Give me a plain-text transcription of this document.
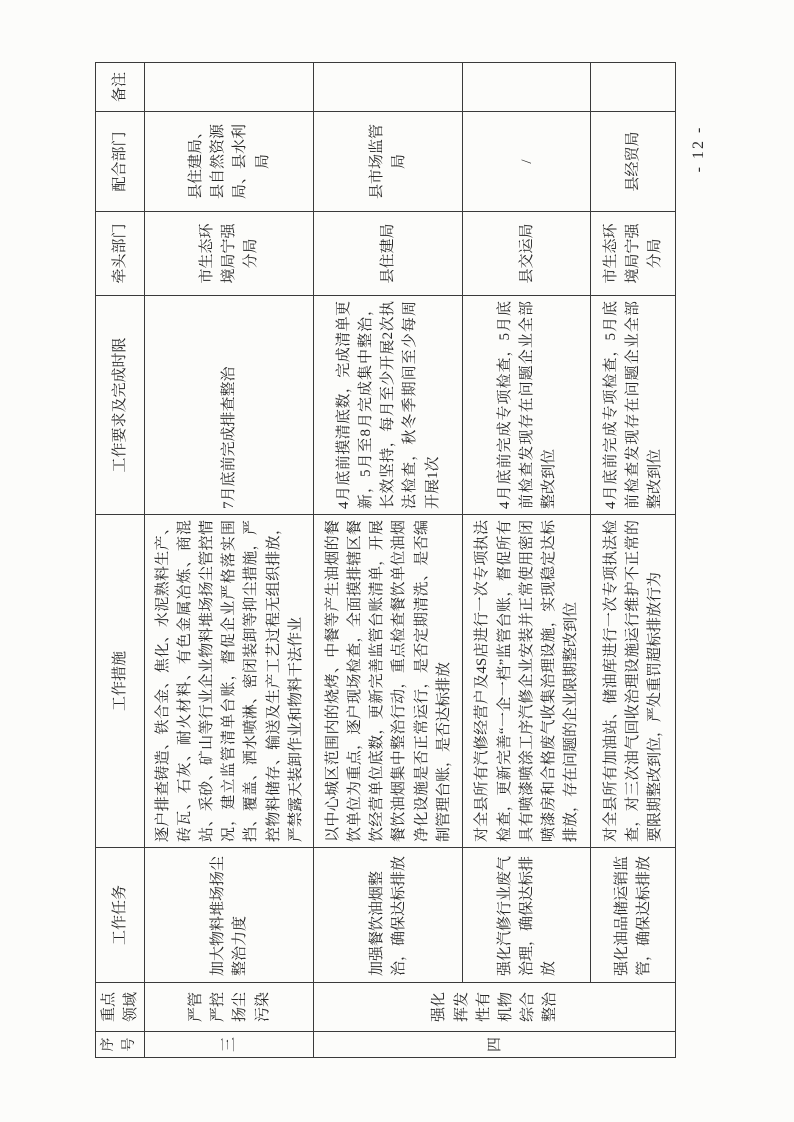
序号	重点领域	工作任务	工作措施	工作要求及完成时限	牵头部门	配合部门	备注
三	严管严控扬尘污染	加大物料堆场扬尘整治力度	逐户排查铸造、铁合金、焦化、水泥熟料生产、砖瓦、石灰、耐火材料、有色金属冶炼、商混站、采砂、矿山等行业企业物料堆场扬尘管控情况，建立监管清单台账，督促企业严格落实围挡、覆盖、洒水喷淋、密闭装卸等抑尘措施，严控物料储存、输送及生产工艺过程无组织排放，严禁露天装卸作业和物料干法作业	7月底前完成排查整治	市生态环境局宁强分局	县住建局、县自然资源局、县水利局	
四	强化挥发性有机物综合整治	加强餐饮油烟整治，确保达标排放	以中心城区范围内的烧烤、中餐等产生油烟的餐饮单位为重点，逐户现场检查，全面摸排辖区餐饮经营单位底数，更新完善监管台账清单，开展餐饮油烟集中整治行动，重点检查餐饮单位油烟净化设施是否正常运行，是否定期清洗、是否编制管理台账，是否达标排放	4月底前摸清底数，完成清单更新，5月至8月完成集中整治，长效坚持，每月至少开展2次执法检查，秋冬季期间至少每周开展1次	县住建局	县市场监管局	
		强化汽修行业废气治理，确保达标排放	对全县所有汽修经营户及4S店进行一次专项执法检查，更新完善“一企一档”监管台账，督促所有具有喷漆喷涂工序汽修企业安装并正常使用密闭喷漆房和合格废气收集治理设施，实现稳定达标排放，存在问题的企业限期整改到位	4月底前完成专项检查，5月底前检查发现存在问题企业全部整改到位	县交运局	/	
		强化油品储运销监管，确保达标排放	对全县所有加油站、储油库进行一次专项执法检查，对三次油气回收治理设施运行维护不正常的要限期整改到位，严处重罚超标排放行为	4月底前完成专项检查，5月底前检查发现存在问题企业全部整改到位	市生态环境局宁强分局	县经贸局		- 12 -
